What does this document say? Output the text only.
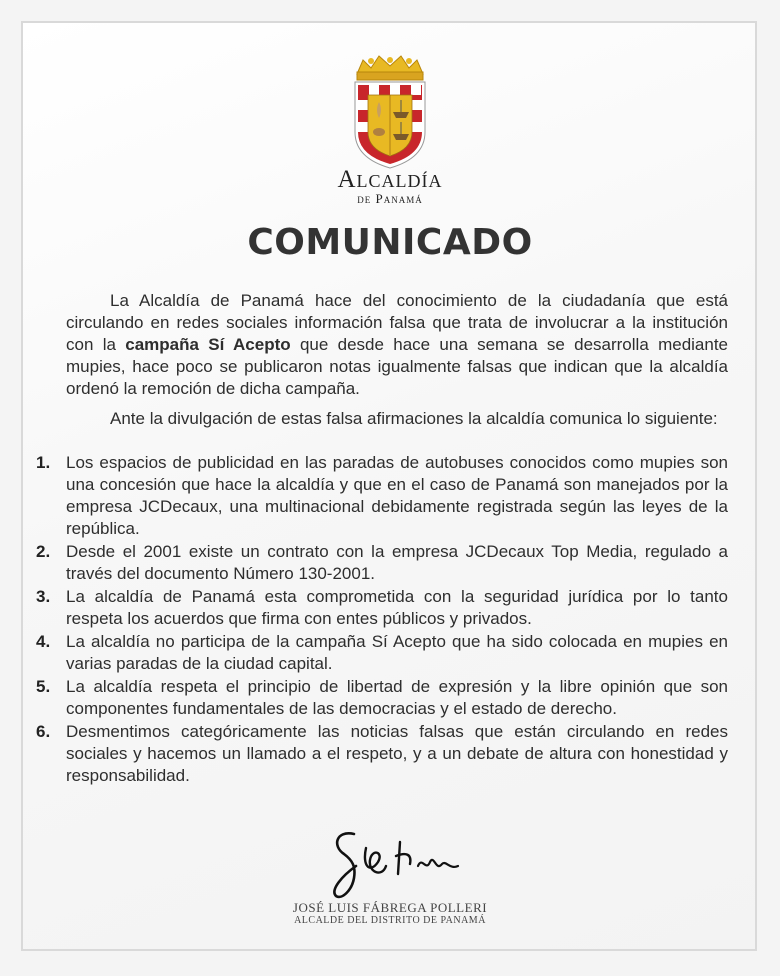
Alcaldía
de Panamá
COMUNICADO
La Alcaldía de Panamá hace del conocimiento de la ciudadanía que está circulando en redes sociales información falsa que trata de involucrar a la institución con la campaña Sí Acepto que desde hace una semana se desarrolla mediante mupies, hace poco se publicaron notas igualmente falsas que indican que la alcaldía ordenó la remoción de dicha campaña.
Ante la divulgación de estas falsa afirmaciones la alcaldía comunica lo siguiente:
1. Los espacios de publicidad en las paradas de autobuses conocidos como mupies son una concesión que hace la alcaldía y que en el caso de Panamá son manejados por la empresa JCDecaux, una multinacional debidamente registrada según las leyes de la república.
2. Desde el 2001 existe un contrato con la empresa JCDecaux Top Media, regulado a través del documento Número 130-2001.
3. La alcaldía de Panamá esta comprometida con la seguridad jurídica por lo tanto respeta los acuerdos que firma con entes públicos y privados.
4. La alcaldía no participa de la campaña Sí Acepto que ha sido colocada en mupies en varias paradas de la ciudad capital.
5. La alcaldía respeta el principio de libertad de expresión y la libre opinión que son componentes fundamentales de las democracias y el estado de derecho.
6. Desmentimos categóricamente las noticias falsas que están circulando en redes sociales y hacemos un llamado a el respeto, y a un debate de altura con honestidad y responsabilidad.
JOSÉ LUIS FÁBREGA POLLERI
ALCALDE DEL DISTRITO DE PANAMÁ
